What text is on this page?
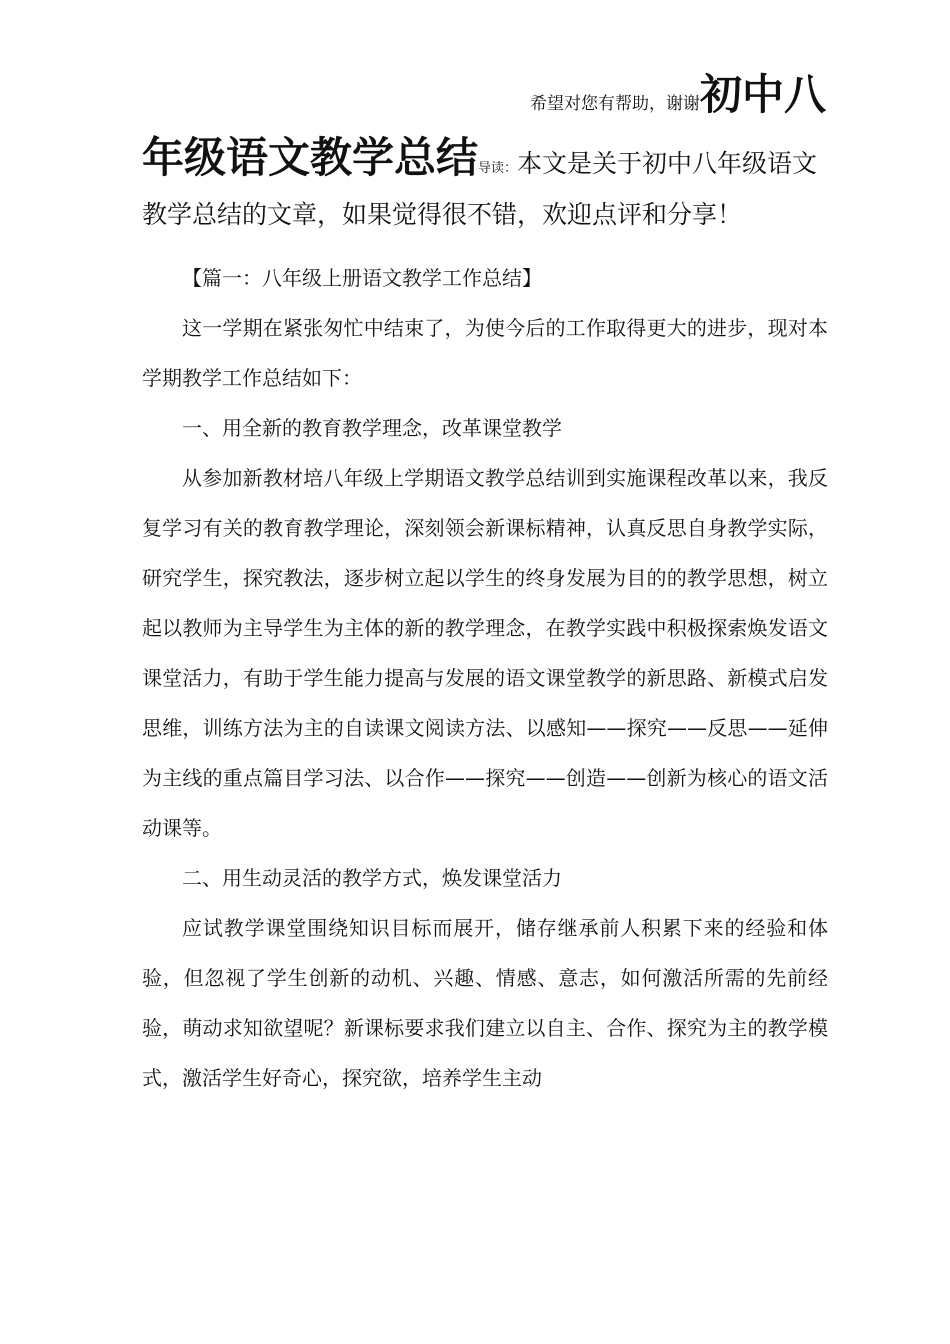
希望对您有帮助，谢谢初中八
年级语文教学总结导读：本文是关于初中八年级语文
教学总结的文章，如果觉得很不错，欢迎点评和分享！

【篇一：八年级上册语文教学工作总结】

这一学期在紧张匆忙中结束了，为使今后的工作取得更大的进步，现对本学期教学工作总结如下：

一、用全新的教育教学理念，改革课堂教学

从参加新教材培八年级上学期语文教学总结训到实施课程改革以来，我反复学习有关的教育教学理论，深刻领会新课标精神，认真反思自身教学实际，研究学生，探究教法，逐步树立起以学生的终身发展为目的的教学思想，树立起以教师为主导学生为主体的新的教学理念，在教学实践中积极探索焕发语文课堂活力，有助于学生能力提高与发展的语文课堂教学的新思路、新模式启发思维，训练方法为主的自读课文阅读方法、以感知——探究——反思——延伸为主线的重点篇目学习法、以合作——探究——创造——创新为核心的语文活动课等。

二、用生动灵活的教学方式，焕发课堂活力

应试教学课堂围绕知识目标而展开，储存继承前人积累下来的经验和体验，但忽视了学生创新的动机、兴趣、情感、意志，如何激活所需的先前经验，萌动求知欲望呢？新课标要求我们建立以自主、合作、探究为主的教学模式，激活学生好奇心，探究欲，培养学生主动
